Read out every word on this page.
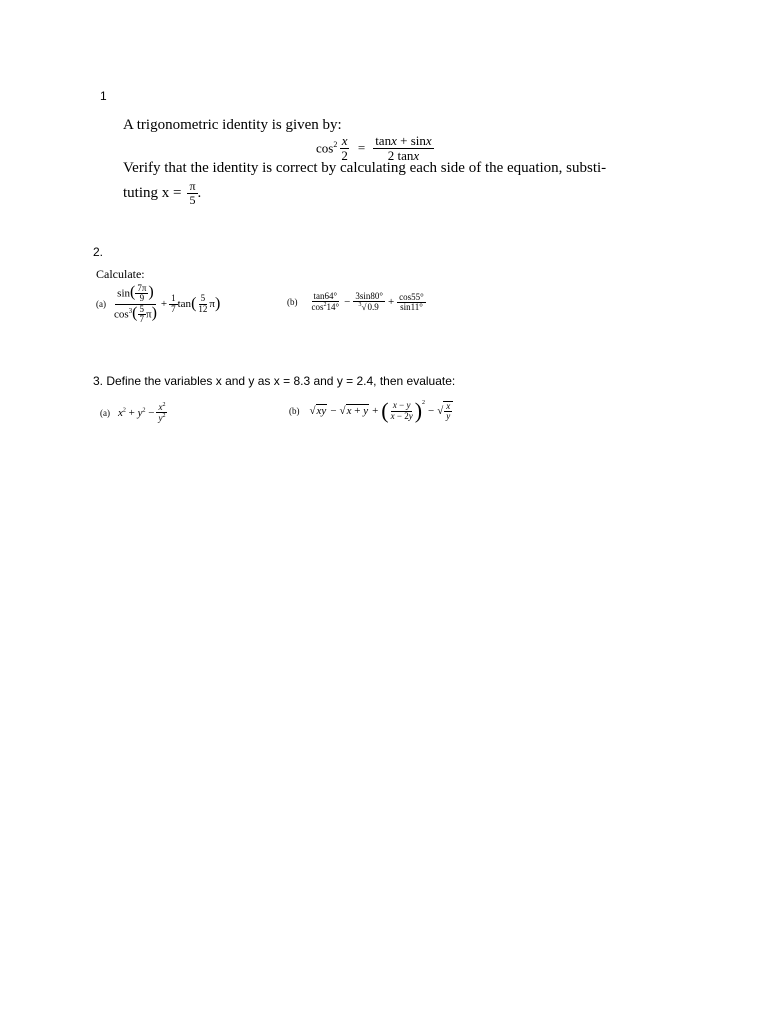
1
A trigonometric identity is given by:
$\cos^2 \frac{x}{2} = \frac{\tan x + \sin x}{2 \tan x}$
Verify that the identity is correct by calculating each side of the equation, substi-
tuting $x = \frac{\pi}{5}$ .
2.
Calculate:
$(a) \frac{\sin( \frac{7\pi}{9} )}{\cos^3( \frac{5}{7} \pi)} + \frac{1}{7}$ tan ( $\frac{5}{12}$ π )	$(b) \frac{\tan 64^\circ}{\cos^214^\circ} - \frac{3\sin 80^\circ}{^3√0.9} + \frac{\cos 55^\circ}{\sin 11^\circ}$
3. Define the variables x and y as x = 8.3 and y = 2.4, then evaluate:
(a) $x^2 + y^2 - \frac{x^2}{y^2}$	(b) √xy − √x + y + ( $\frac{x - y}{x - 2y} )^2$
− √ $\frac{x}{y}$
